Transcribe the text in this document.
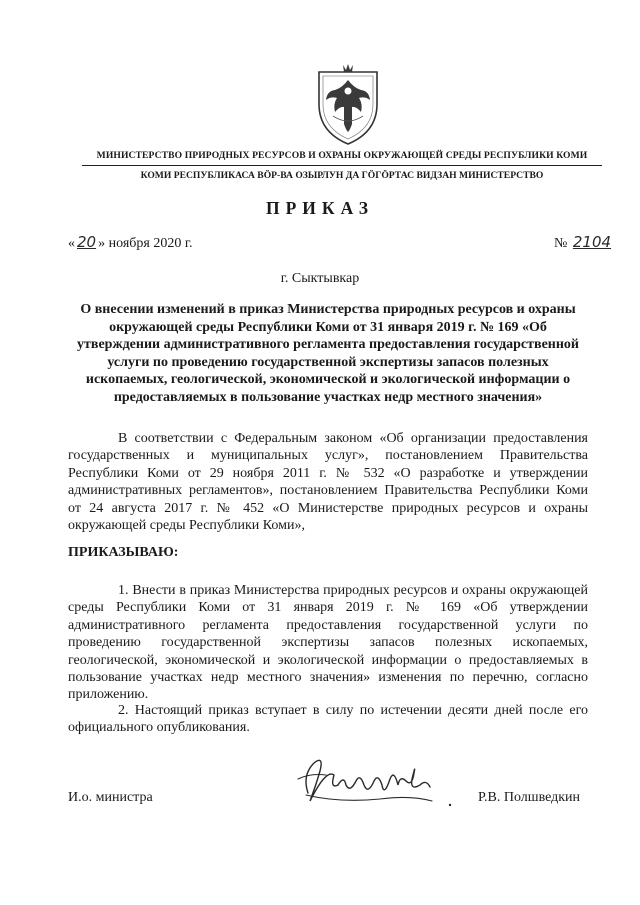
МИНИСТЕРСТВО ПРИРОДНЫХ РЕСУРСОВ И ОХРАНЫ ОКРУЖАЮЩЕЙ СРЕДЫ РЕСПУБЛИКИ КОМИ
КОМИ РЕСПУБЛИКАСА ВӦР-ВА ОЗЫРЛУН ДА ГӦГӦРТАС ВИДЗАН МИНИСТЕРСТВО
ПРИКАЗ
« 20 » ноября 2020 г.	№ 2104
г. Сыктывкар
О внесении изменений в приказ Министерства природных ресурсов и охраны
окружающей среды Республики Коми от 31 января 2019 г. № 169 «Об
утверждении административного регламента предоставления государственной
услуги по проведению государственной экспертизы запасов полезных
ископаемых, геологической, экономической и экологической информации о
предоставляемых в пользование участках недр местного значения»
В соответствии с Федеральным законом «Об организации предоставления
государственных и муниципальных услуг», постановлением Правительства
Республики Коми от 29 ноября 2011 г. № 532 «О разработке и утверждении
административных регламентов», постановлением Правительства Республики Коми
от 24 августа 2017 г. № 452 «О Министерстве природных ресурсов и охраны
окружающей среды Республики Коми»,
ПРИКАЗЫВАЮ:
1. Внести в приказ Министерства природных ресурсов и охраны окружающей
среды Республики Коми от 31 января 2019 г. № 169 «Об утверждении
административного регламента предоставления государственной услуги по
проведению государственной экспертизы запасов полезных ископаемых,
геологической, экономической и экологической информации о предоставляемых в
пользование участках недр местного значения» изменения по перечню, согласно
приложению.
2. Настоящий приказ вступает в силу по истечении десяти дней после его
официального опубликования.
И.о. министра	Р.В. Полшведкин
